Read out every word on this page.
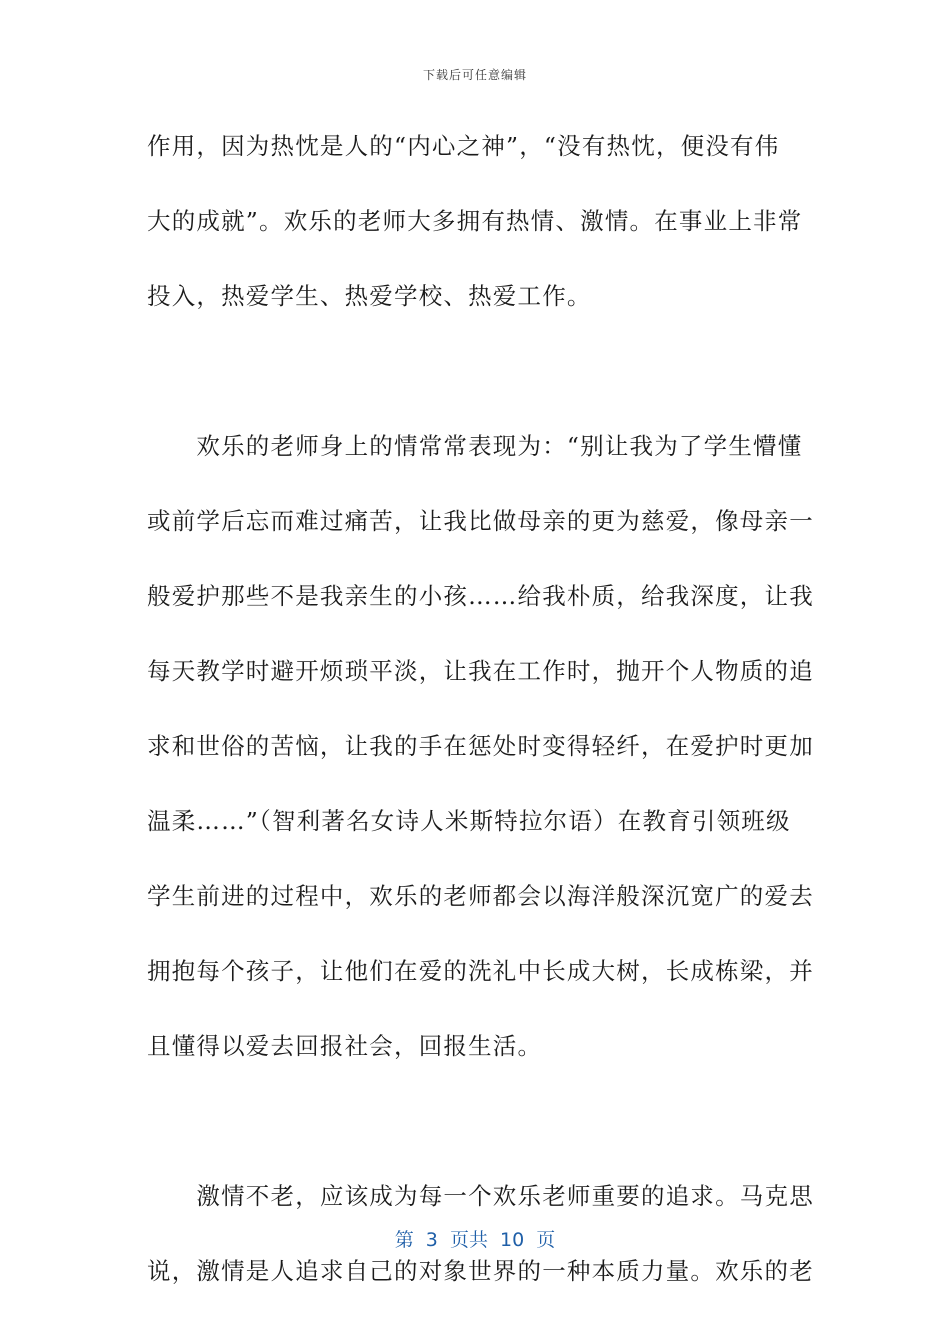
下载后可任意编辑
作用，因为热忱是人的“内心之神”，“没有热忱，便没有伟
大的成就”。欢乐的老师大多拥有热情、激情。在事业上非常
投入，热爱学生、热爱学校、热爱工作。
　　欢乐的老师身上的情常常表现为：“别让我为了学生懵懂
或前学后忘而难过痛苦，让我比做母亲的更为慈爱，像母亲一
般爱护那些不是我亲生的小孩……给我朴质，给我深度，让我
每天教学时避开烦琐平淡，让我在工作时，抛开个人物质的追
求和世俗的苦恼，让我的手在惩处时变得轻纤，在爱护时更加
温柔……”（智利著名女诗人米斯特拉尔语）在教育引领班级
学生前进的过程中，欢乐的老师都会以海洋般深沉宽广的爱去
拥抱每个孩子，让他们在爱的洗礼中长成大树，长成栋梁，并
且懂得以爱去回报社会，回报生活。
　　激情不老，应该成为每一个欢乐老师重要的追求。马克思
说，激情是人追求自己的对象世界的一种本质力量。欢乐的老
第  3  页共  10  页
